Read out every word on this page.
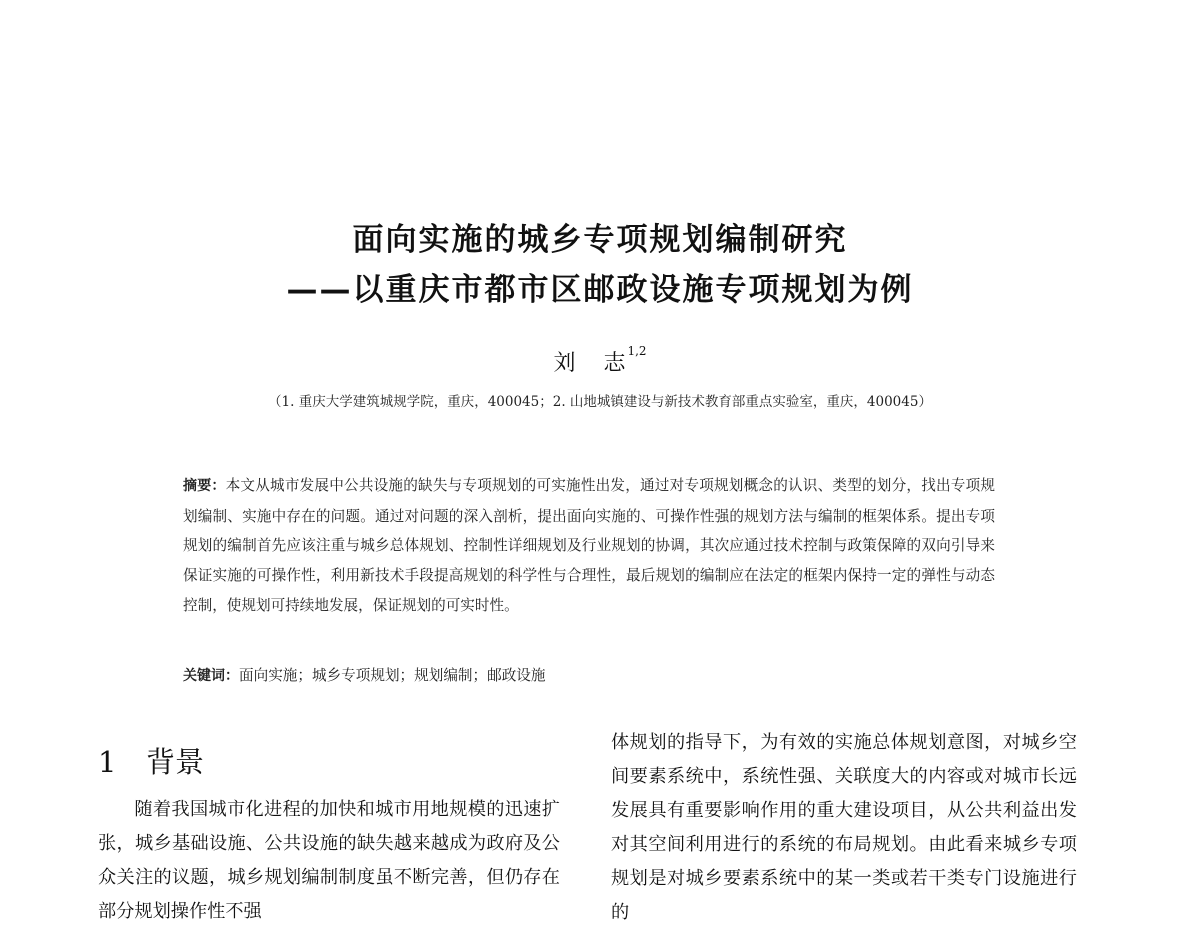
面向实施的城乡专项规划编制研究
——以重庆市都市区邮政设施专项规划为例
刘 志$^{1,2}$
（1. 重庆大学建筑城规学院，重庆，400045；2. 山地城镇建设与新技术教育部重点实验室，重庆，400045）
摘要：本文从城市发展中公共设施的缺失与专项规划的可实施性出发，通过对专项规划概念的认识、类型的划分，找出专项规划编制、实施中存在的问题。通过对问题的深入剖析，提出面向实施的、可操作性强的规划方法与编制的框架体系。提出专项规划的编制首先应该注重与城乡总体规划、控制性详细规划及行业规划的协调，其次应通过技术控制与政策保障的双向引导来保证实施的可操作性，利用新技术手段提高规划的科学性与合理性，最后规划的编制应在法定的框架内保持一定的弹性与动态控制，使规划可持续地发展，保证规划的可实时性。
关键词：面向实施；城乡专项规划；规划编制；邮政设施
1 背景
随着我国城市化进程的加快和城市用地规模的迅速扩张，城乡基础设施、公共设施的缺失越来越成为政府及公众关注的议题，城乡规划编制制度虽不断完善，但仍存在部分规划操作性不强
体规划的指导下，为有效的实施总体规划意图，对城乡空间要素系统中，系统性强、关联度大的内容或对城市长远发展具有重要影响作用的重大建设项目，从公共利益出发对其空间利用进行的系统的布局规划。由此看来城乡专项规划是对城乡要素系统中的某一类或若干类专门设施进行的
